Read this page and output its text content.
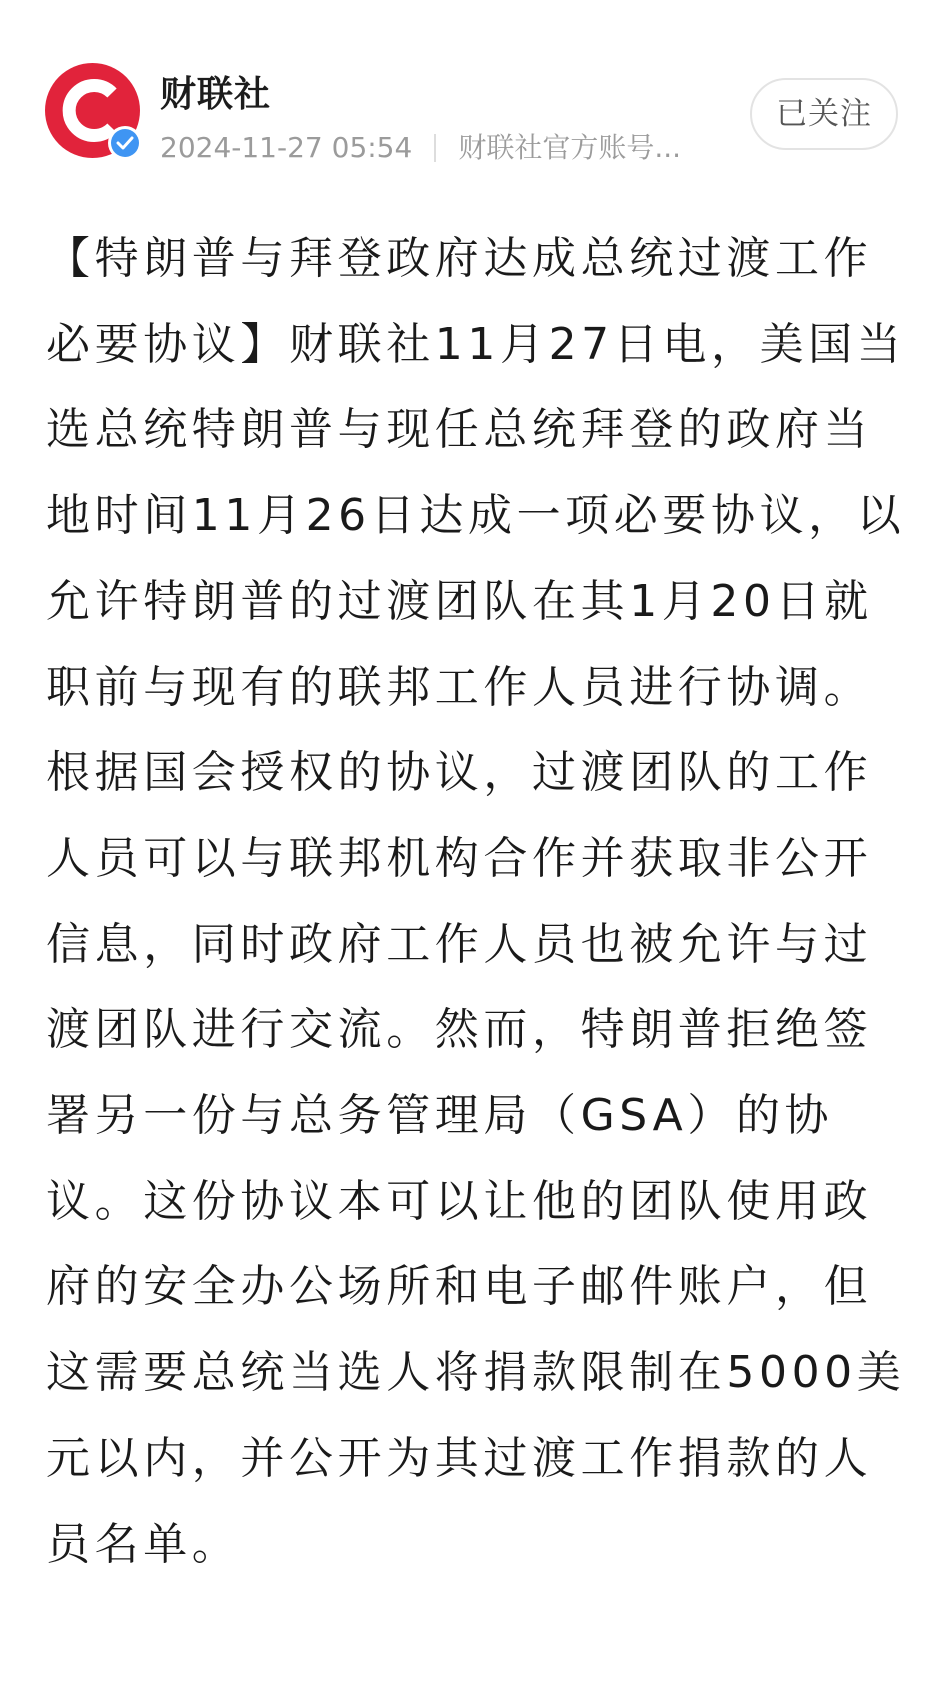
财联社
2024-11-27 05:54 财联社官方账号...
已关注

【特朗普与拜登政府达成总统过渡工作必要协议】财联社11月27日电，美国当选总统特朗普与现任总统拜登的政府当地时间11月26日达成一项必要协议，以允许特朗普的过渡团队在其1月20日就职前与现有的联邦工作人员进行协调。根据国会授权的协议，过渡团队的工作人员可以与联邦机构合作并获取非公开信息，同时政府工作人员也被允许与过渡团队进行交流。然而，特朗普拒绝签署另一份与总务管理局（GSA）的协议。这份协议本可以让他的团队使用政府的安全办公场所和电子邮件账户，但这需要总统当选人将捐款限制在5000美元以内，并公开为其过渡工作捐款的人员名单。
